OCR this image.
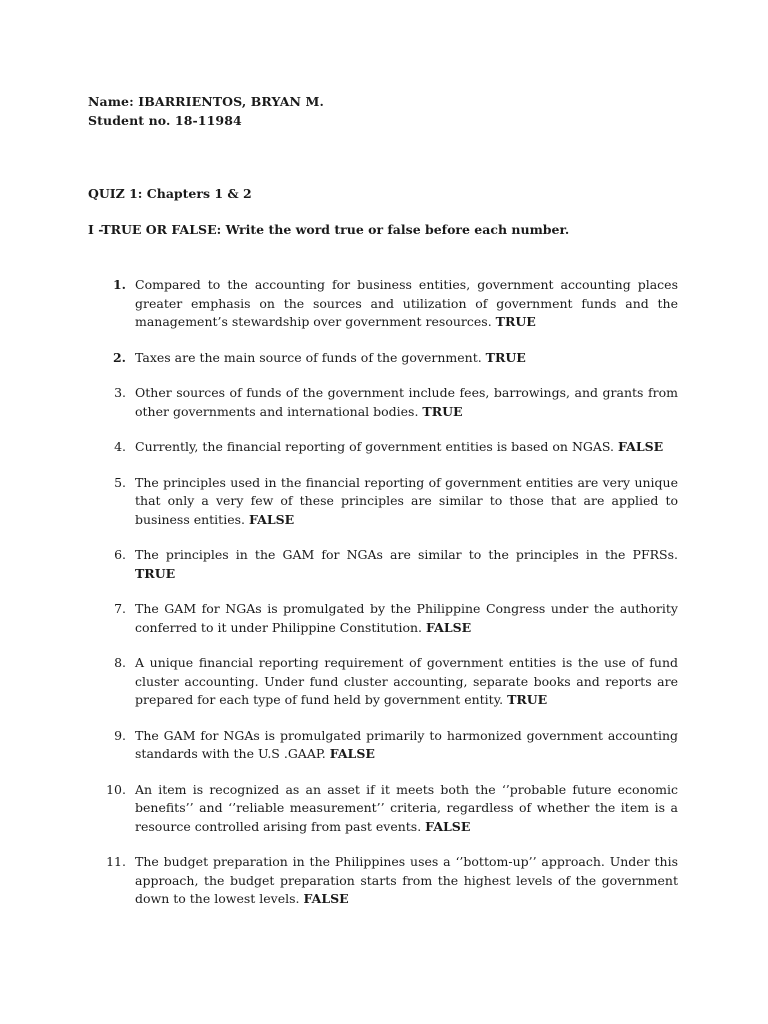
Name: IBARRIENTOS, BRYAN M.
Student no. 18-11984
QUIZ 1: Chapters 1 & 2
I -TRUE OR FALSE: Write the word true or false before each number.
1. Compared to the accounting for business entities, government accounting places greater emphasis on the sources and utilization of government funds and the management’s stewardship over government resources. TRUE
2. Taxes are the main source of funds of the government. TRUE
3. Other sources of funds of the government include fees, barrowings, and grants from other governments and international bodies. TRUE
4. Currently, the financial reporting of government entities is based on NGAS. FALSE
5. The principles used in the financial reporting of government entities are very unique that only a very few of these principles are similar to those that are applied to business entities. FALSE
6. The principles in the GAM for NGAs are similar to the principles in the PFRSs. TRUE
7. The GAM for NGAs is promulgated by the Philippine Congress under the authority conferred to it under Philippine Constitution. FALSE
8. A unique financial reporting requirement of government entities is the use of fund cluster accounting. Under fund cluster accounting, separate books and reports are prepared for each type of fund held by government entity. TRUE
9. The GAM for NGAs is promulgated primarily to harmonized government accounting standards with the U.S .GAAP. FALSE
10. An item is recognized as an asset if it meets both the ‘’probable future economic benefits’’ and ‘’reliable measurement’’ criteria, regardless of whether the item is a resource controlled arising from past events. FALSE
11. The budget preparation in the Philippines uses a ‘’bottom-up’’ approach. Under this approach, the budget preparation starts from the highest levels of the government down to the lowest levels. FALSE
